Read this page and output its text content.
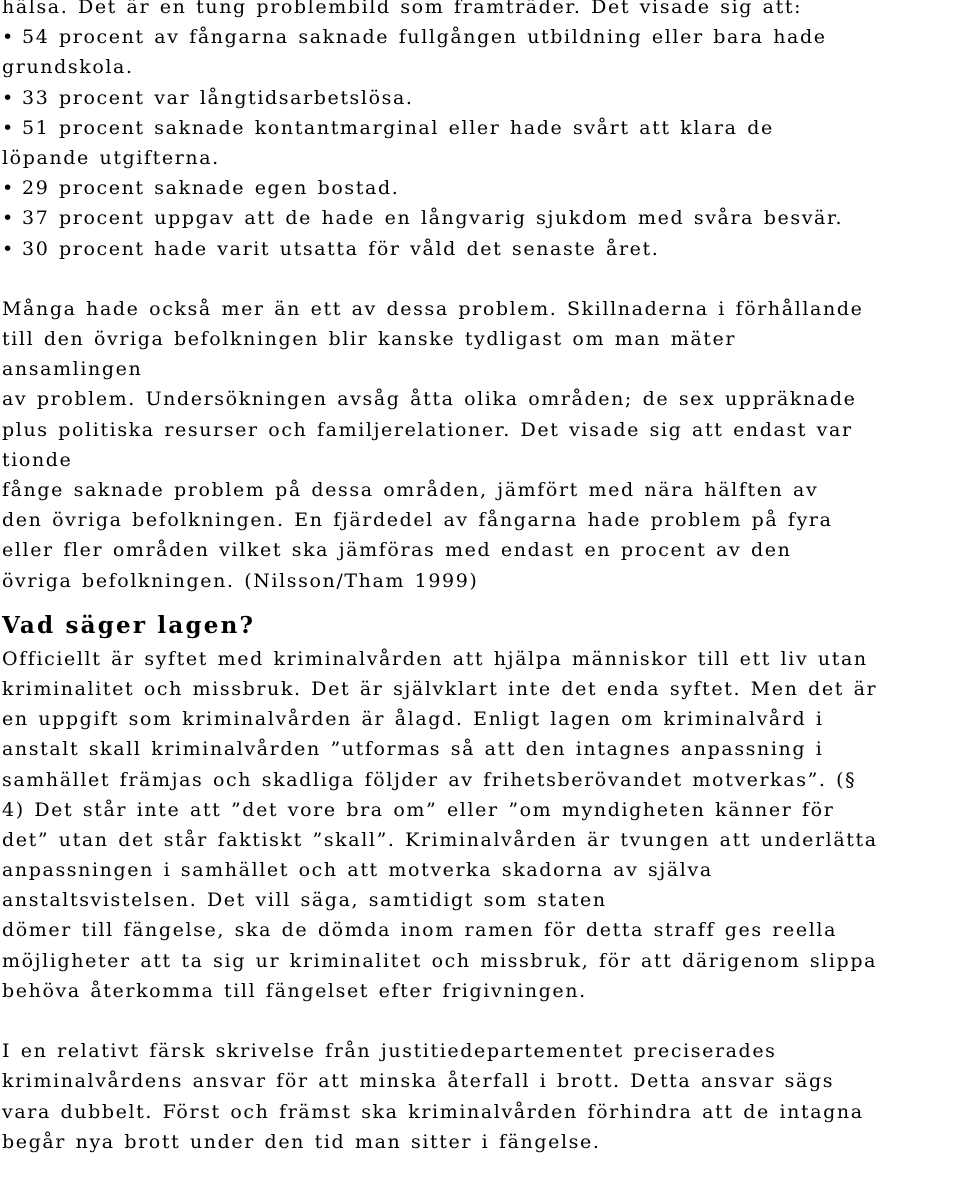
hälsa. Det är en tung problembild som framträder. Det visade sig att:
• 54 procent av fångarna saknade fullgången utbildning eller bara hade
grundskola.
• 33 procent var långtidsarbetslösa.
• 51 procent saknade kontantmarginal eller hade svårt att klara de
löpande utgifterna.
• 29 procent saknade egen bostad.
• 37 procent uppgav att de hade en långvarig sjukdom med svåra besvär.
• 30 procent hade varit utsatta för våld det senaste året.
Många hade också mer än ett av dessa problem. Skillnaderna i förhållande
till den övriga befolkningen blir kanske tydligast om man mäter
ansamlingen
av problem. Undersökningen avsåg åtta olika områden; de sex uppräknade
plus politiska resurser och familjerelationer. Det visade sig att endast var
tionde
fånge saknade problem på dessa områden, jämfört med nära hälften av
den övriga befolkningen. En fjärdedel av fångarna hade problem på fyra
eller fler områden vilket ska jämföras med endast en procent av den
övriga befolkningen. (Nilsson/Tham 1999)
Vad säger lagen?
Officiellt är syftet med kriminalvården att hjälpa människor till ett liv utan
kriminalitet och missbruk. Det är självklart inte det enda syftet. Men det är
en uppgift som kriminalvården är ålagd. Enligt lagen om kriminalvård i
anstalt skall kriminalvården ”utformas så att den intagnes anpassning i
samhället främjas och skadliga följder av frihetsberövandet motverkas”. (§
4) Det står inte att ”det vore bra om” eller ”om myndigheten känner för
det” utan det står faktiskt ”skall”. Kriminalvården är tvungen att underlätta
anpassningen i samhället och att motverka skadorna av själva
anstaltsvistelsen. Det vill säga, samtidigt som staten
dömer till fängelse, ska de dömda inom ramen för detta straff ges reella
möjligheter att ta sig ur kriminalitet och missbruk, för att därigenom slippa
behöva återkomma till fängelset efter frigivningen.
I en relativt färsk skrivelse från justitiedepartementet preciserades
kriminalvårdens ansvar för att minska återfall i brott. Detta ansvar sägs
vara dubbelt. Först och främst ska kriminalvården förhindra att de intagna
begår nya brott under den tid man sitter i fängelse.
